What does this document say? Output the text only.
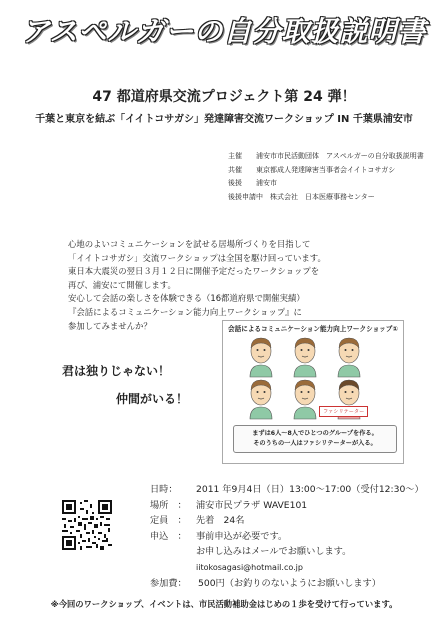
アスペルガーの自分取扱説明書
47 都道府県交流プロジェクト第 24 弾！
千葉と東京を結ぶ「イイトコサガシ」発達障害交流ワークショップ IN 千葉県浦安市
主催 浦安市市民活動団体　アスペルガーの自分取扱説明書
共催 東京都成人発達障害当事者会イイトコサガシ
後援 浦安市
後援申請中　 株式会社　日本医療事務センター
心地のよいコミュニケーションを試せる居場所づくりを目指して
「イイトコサガシ」交流ワークショップは全国を駆け回っています。
東日本大震災の翌日３月１２日に開催予定だったワークショップを
再び、浦安にて開催します。
安心して会話の楽しさを体験できる（16都道府県で開催実績）
『会話によるコミュニケーション能力向上ワークショップ』に
参加してみませんか？
君は独りじゃない！
仲間がいる！
会話によるコミュニケーション能力向上ワークショップ①
ファシリテーター
まずは6人～8人でひとつのグループを作る。
そのうちの一人はファシリテーターが入る。
日時： 2011 年9月4日（日）13:00～17:00（受付12:30～）
場所　： 浦安市民プラザ WAVE101
定員　： 先着　24名
申込　： 事前申込が必要です。
お申し込みはメールでお願いします。
iitokosagasi@hotmail.co.jp
参加費： 500円（お釣りのないようにお願いします）
※今回のワークショップ、イベントは、市民活動補助金はじめの１歩を受けて行っています。
